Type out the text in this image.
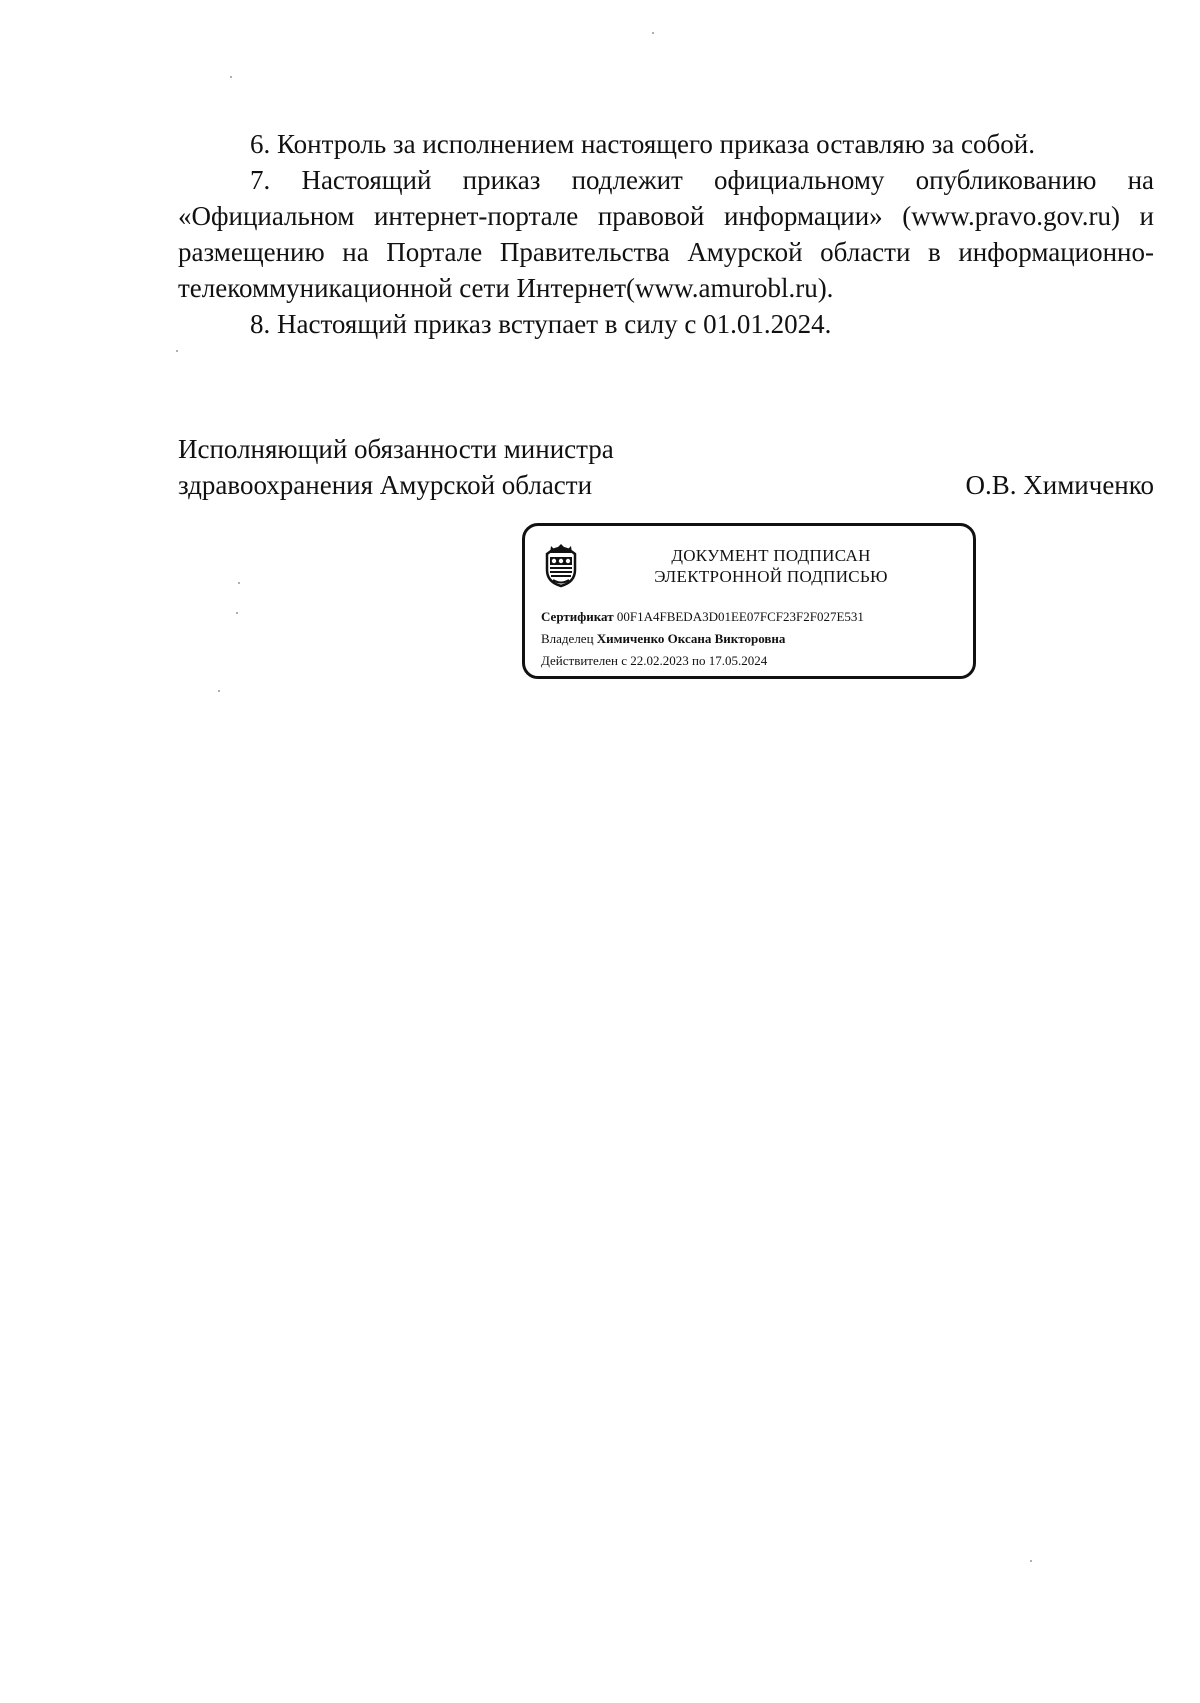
6. Контроль за исполнением настоящего приказа оставляю за собой.

7. Настоящий приказ подлежит официальному опубликованию на «Официальном интернет-портале правовой информации» (www.pravo.gov.ru) и размещению на Портале Правительства Амурской области в информационно-телекоммуникационной сети Интернет(www.amurobl.ru).

8. Настоящий приказ вступает в силу с 01.01.2024.

Исполняющий обязанности министра
здравоохранения Амурской области	О.В. Химиченко
ДОКУМЕНТ ПОДПИСАН
ЭЛЕКТРОННОЙ ПОДПИСЬЮ
Сертификат 00F1A4FBEDA3D01EE07FCF23F2F027E531
Владелец Химиченко Оксана Викторовна
Действителен с 22.02.2023 по 17.05.2024
